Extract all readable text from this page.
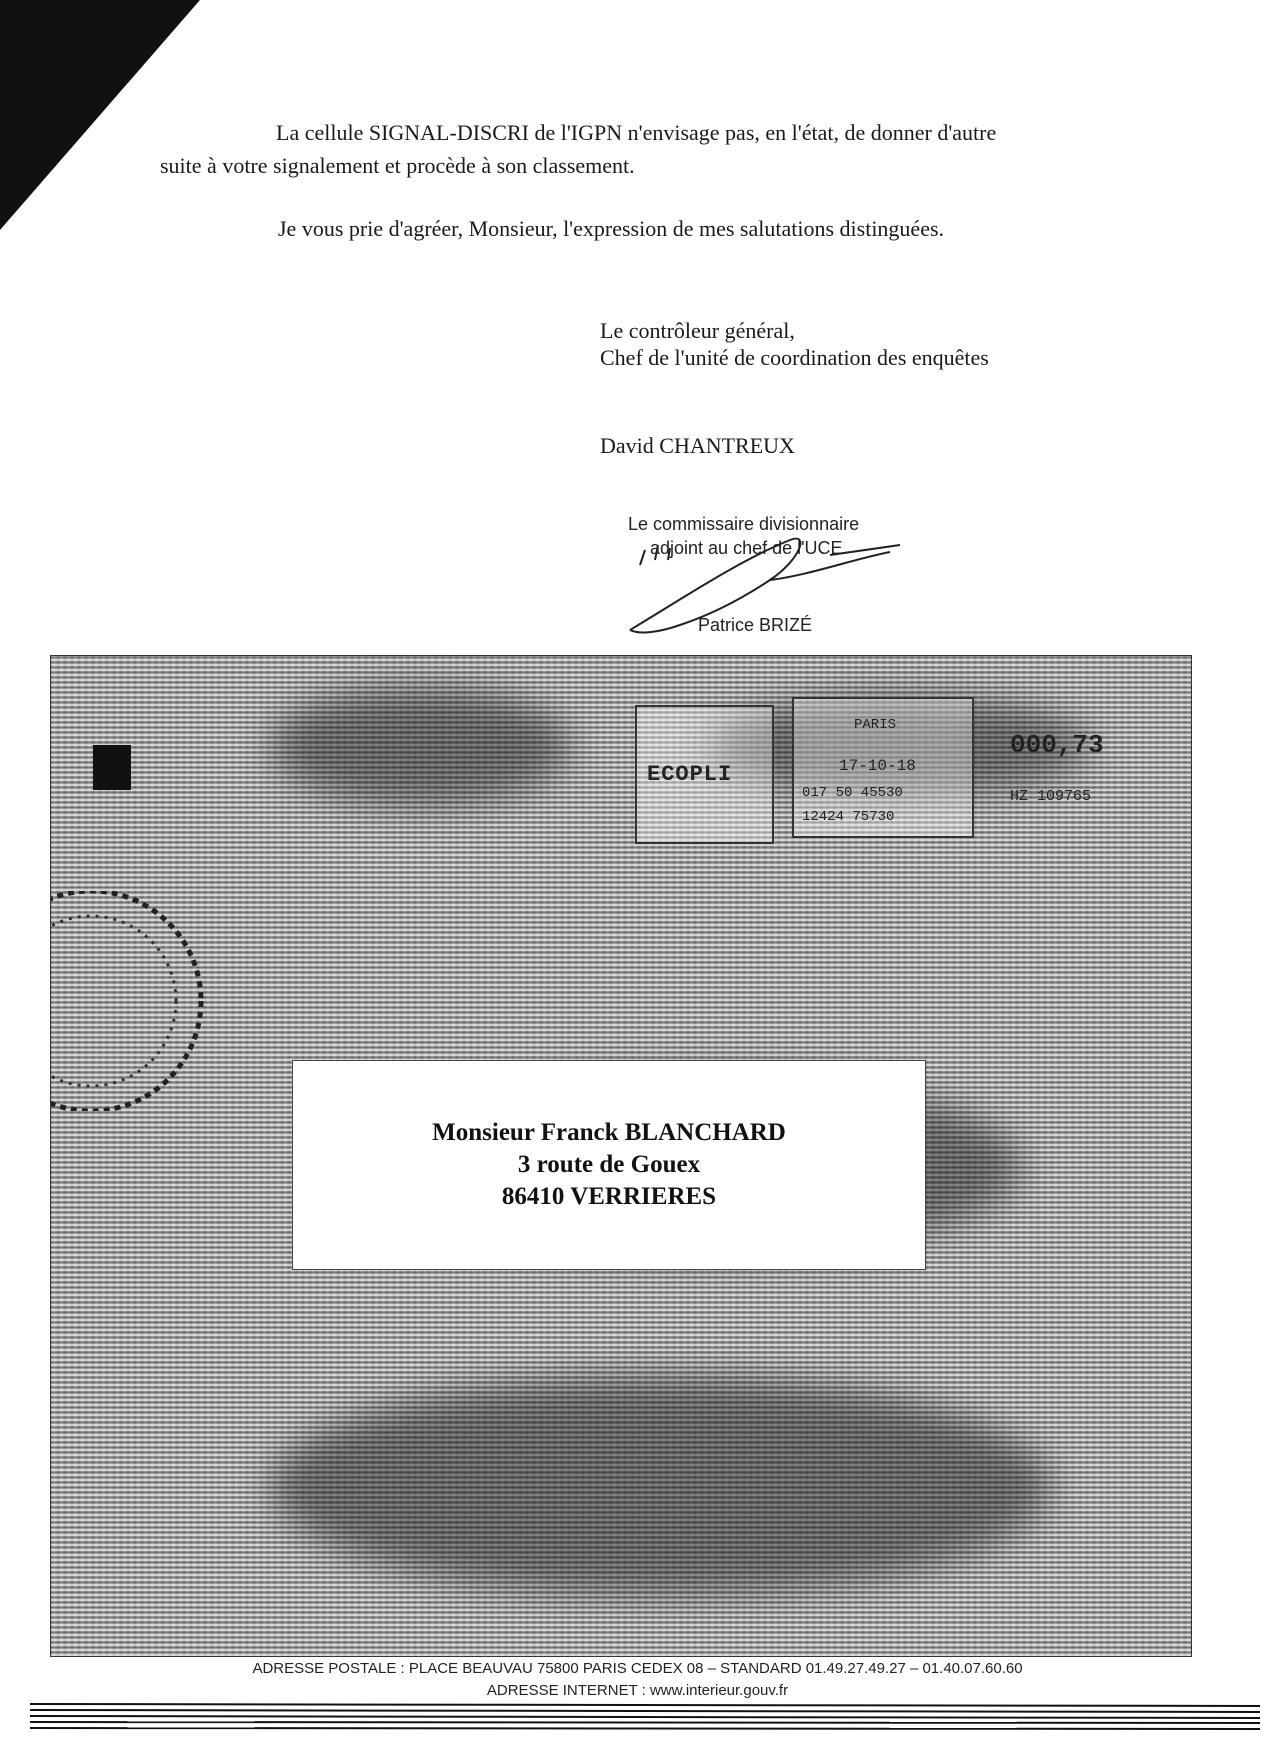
La cellule SIGNAL-DISCRI de l'IGPN n'envisage pas, en l'état, de donner d'autre
suite à votre signalement et procède à son classement.
Je vous prie d'agréer, Monsieur, l'expression de mes salutations distinguées.
Le contrôleur général,
Chef de l'unité de coordination des enquêtes
David CHANTREUX
Le commissaire divisionnaire
adjoint au chef de l'UCE
Patrice BRIZÉ
ECOPLI
PARIS
17-10-18
017 50 45530
12424 75730
000,73
HZ 109765
Monsieur Franck BLANCHARD
3 route de Gouex
86410 VERRIERES
ADRESSE POSTALE : PLACE BEAUVAU 75800 PARIS CEDEX 08 – STANDARD 01.49.27.49.27 – 01.40.07.60.60
ADRESSE INTERNET : www.interieur.gouv.fr
